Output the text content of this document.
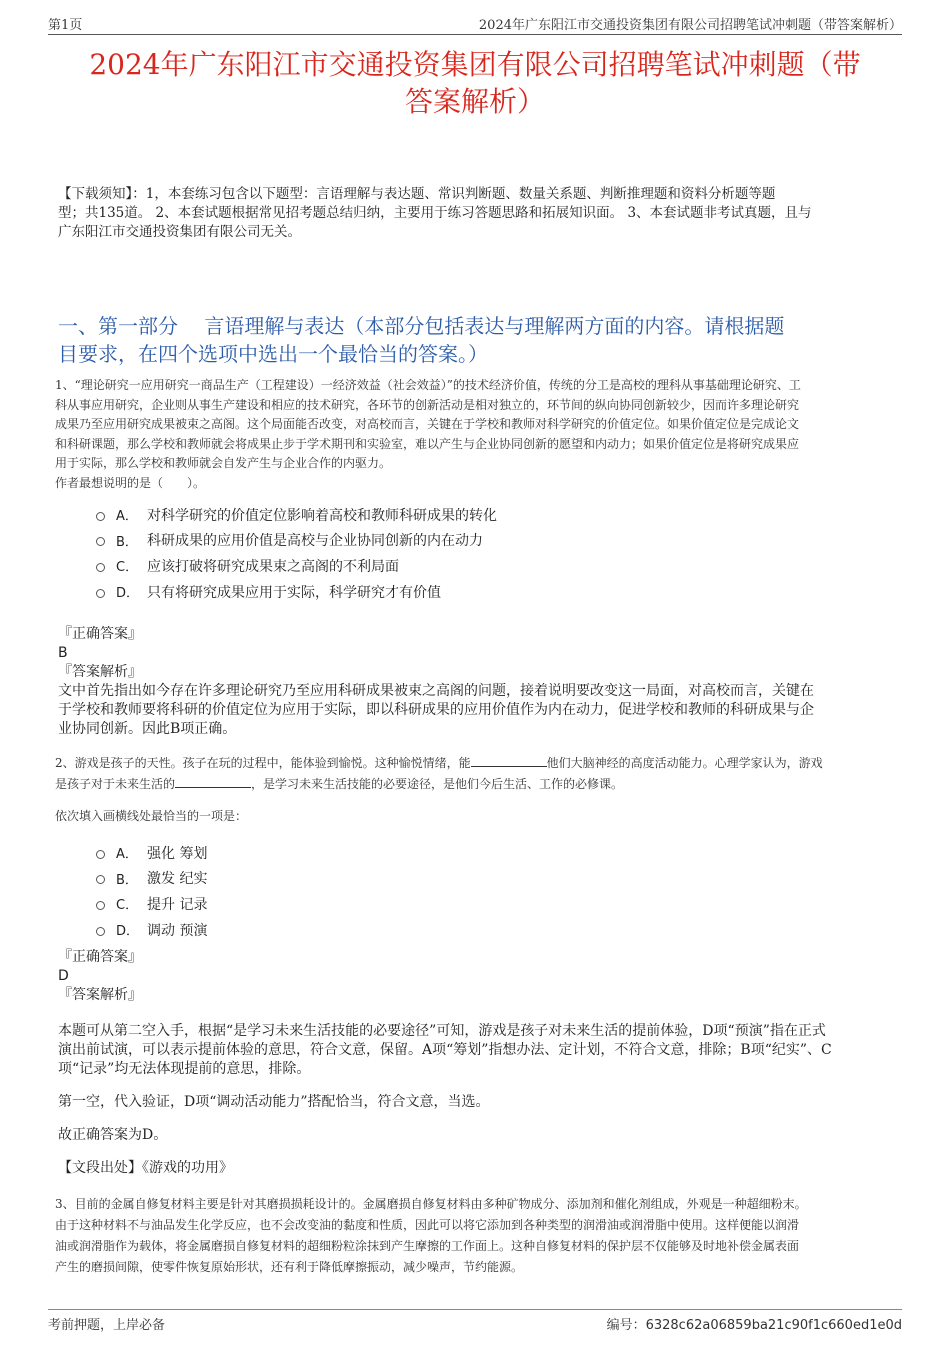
第1页	2024年广东阳江市交通投资集团有限公司招聘笔试冲刺题（带答案解析）
2024年广东阳江市交通投资集团有限公司招聘笔试冲刺题（带
答案解析）
【下载须知】：1，本套练习包含以下题型：言语理解与表达题、常识判断题、数量关系题、判断推理题和资料分析题等题
型；共135道。 2、本套试题根据常见招考题总结归纳，主要用于练习答题思路和拓展知识面。 3、本套试题非考试真题，且与
广东阳江市交通投资集团有限公司无关。
一、第一部分　 言语理解与表达（本部分包括表达与理解两方面的内容。请根据题
目要求，在四个选项中选出一个最恰当的答案。）
1、“理论研究一应用研究一商品生产（工程建设）一经济效益（社会效益）”的技术经济价值，传统的分工是高校的理科从事基础理论研究、工
科从事应用研究，企业则从事生产建设和相应的技术研究，各环节的创新活动是相对独立的，环节间的纵向协同创新较少，因而许多理论研究
成果乃至应用研究成果被束之高阁。这个局面能否改变，对高校而言，关键在于学校和教师对科学研究的价值定位。如果价值定位是完成论文
和科研课题，那么学校和教师就会将成果止步于学术期刊和实验室，难以产生与企业协同创新的愿望和内动力；如果价值定位是将研究成果应
用于实际，那么学校和教师就会自发产生与企业合作的内驱力。
作者最想说明的是（　　）。
A． 对科学研究的价值定位影响着高校和教师科研成果的转化
B． 科研成果的应用价值是高校与企业协同创新的内在动力
C． 应该打破将研究成果束之高阁的不利局面
D． 只有将研究成果应用于实际，科学研究才有价值
『正确答案』
B
『答案解析』
文中首先指出如今存在许多理论研究乃至应用科研成果被束之高阁的问题，接着说明要改变这一局面，对高校而言，关键在
于学校和教师要将科研的价值定位为应用于实际，即以科研成果的应用价值作为内在动力，促进学校和教师的科研成果与企
业协同创新。因此B项正确。
2、游戏是孩子的天性。孩子在玩的过程中，能体验到愉悦。这种愉悦情绪，能	他们大脑神经的高度活动能力。心理学家认为，游戏
是孩子对于未来生活的	，是学习未来生活技能的必要途径，是他们今后生活、工作的必修课。
依次填入画横线处最恰当的一项是：
A． 强化 筹划
B． 激发 纪实
C． 提升 记录
D． 调动 预演
『正确答案』
D
『答案解析』
本题可从第二空入手，根据“是学习未来生活技能的必要途径”可知，游戏是孩子对未来生活的提前体验，D项“预演”指在正式
演出前试演，可以表示提前体验的意思，符合文意，保留。A项“筹划”指想办法、定计划，不符合文意，排除；B项“纪实”、C
项“记录”均无法体现提前的意思，排除。
第一空，代入验证，D项“调动活动能力”搭配恰当，符合文意，当选。
故正确答案为D。
【文段出处】《游戏的功用》
3、目前的金属自修复材料主要是针对其磨损损耗设计的。金属磨损自修复材料由多种矿物成分、添加剂和催化剂组成，外观是一种超细粉末。
由于这种材料不与油品发生化学反应，也不会改变油的黏度和性质，因此可以将它添加到各种类型的润滑油或润滑脂中使用。这样便能以润滑
油或润滑脂作为载体，将金属磨损自修复材料的超细粉粒涂抹到产生摩擦的工作面上。这种自修复材料的保护层不仅能够及时地补偿金属表面
产生的磨损间隙，使零件恢复原始形状，还有利于降低摩擦振动，减少噪声，节约能源。
考前押题，上岸必备	编号：6328c62a06859ba21c90f1c660ed1e0d
